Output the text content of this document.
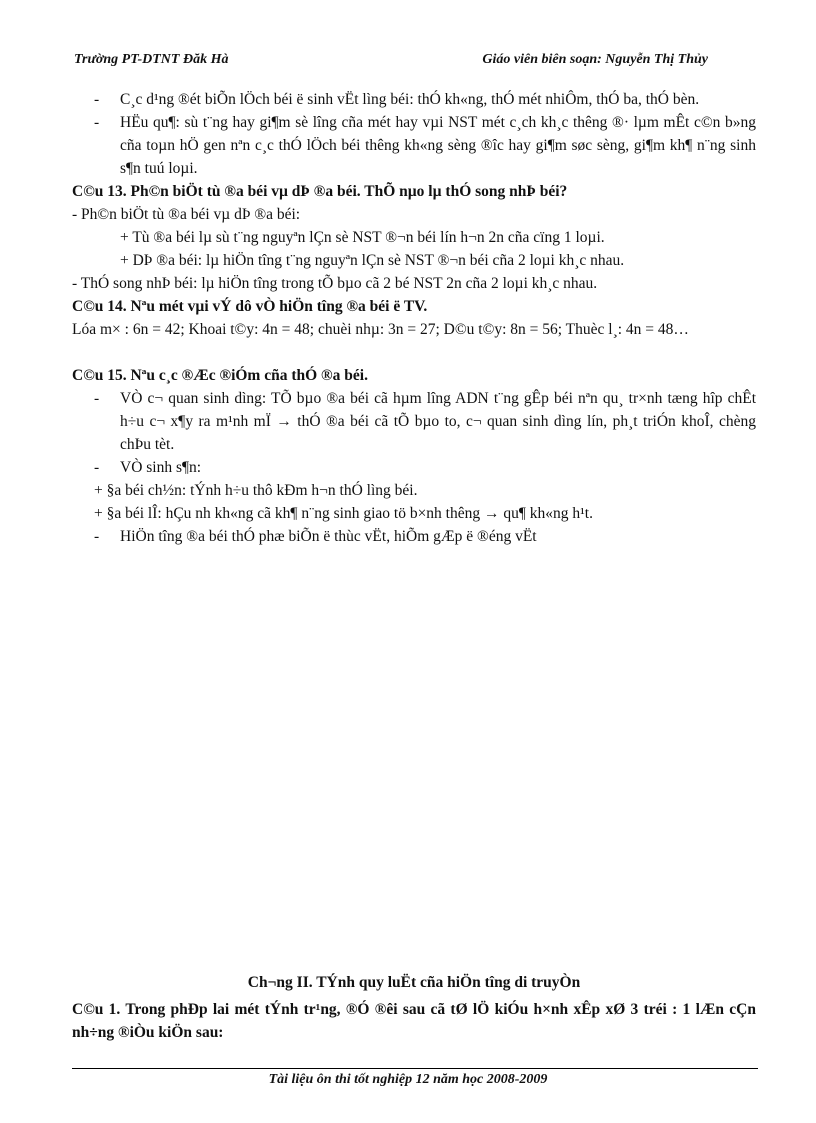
Trường PT-DTNT Đăk Hà	Giáo viên biên soạn: Nguyễn Thị Thủy
- C¸c d¹ng ®ét biÕn lÖch béi ë sinh vËt lìng béi: thÓ kh«ng, thÓ mét nhiÔm, thÓ ba, thÓ bèn.
- HËu qu¶: sù t¨ng hay gi¶m sè lîng cña mét hay vµi NST mét c¸ch kh¸c thêng ®· lµm mÊt c©n b»ng cña toµn hÖ gen nªn c¸c thÓ lÖch béi thêng kh«ng sèng ®îc hay gi¶m søc sèng, gi¶m kh¶ n¨ng sinh s¶n tuú loµi.
C©u 13. Ph©n biÖt tù ®a béi vµ dÞ ®a béi. ThÕ nµo lµ thÓ song nhÞ béi?
- Ph©n biÖt tù ®a béi vµ dÞ ®a béi:
+ Tù ®a béi lµ sù t¨ng nguyªn lÇn sè NST ®¬n béi lín h¬n 2n cña cïng 1 loµi.
+ DÞ ®a béi: lµ hiÖn tîng t¨ng nguyªn lÇn sè NST ®¬n béi cña 2 loµi kh¸c nhau.
- ThÓ song nhÞ béi: lµ hiÖn tîng trong tÕ bµo cã 2 bé NST 2n cña 2 loµi kh¸c nhau.
C©u 14. Nªu mét vµi vÝ dô vÒ hiÖn tîng ®a béi ë TV.
Lóa m× : 6n = 42; Khoai t©y: 4n = 48; chuèi nhµ: 3n = 27; D©u t©y: 8n = 56; Thuèc l¸: 4n = 48…
C©u 15. Nªu c¸c ®Æc ®iÓm cña thÓ ®a béi.
- VÒ c¬ quan sinh dìng: TÕ bµo ®a béi cã hµm lîng ADN t¨ng gÊp béi nªn qu¸ tr×nh tæng hîp chÊt h÷u c¬ x¶y ra m¹nh mÏ → thÓ ®a béi cã tÕ bµo to, c¬ quan sinh dìng lín, ph¸t triÓn khoÎ, chèng chÞu tèt.
- VÒ sinh s¶n:
+ §a béi ch½n: tÝnh h÷u thô kÐm h¬n thÓ lìng béi.
+ §a béi lÎ: hÇu nh kh«ng cã kh¶ n¨ng sinh giao tö b×nh thêng → qu¶ kh«ng h¹t.
- HiÖn tîng ®a béi thÓ phæ biÕn ë thùc vËt, hiÕm gÆp ë ®éng vËt
Ch¬ng II. TÝnh quy luËt cña hiÖn tîng di truyÒn
C©u 1. Trong phÐp lai mét tÝnh tr¹ng, ®Ó ®êi sau cã tØ lÖ kiÓu h×nh xÊp xØ 3 tréi : 1 lÆn cÇn nh÷ng ®iÒu kiÖn sau:
Tài liệu ôn thi tốt nghiệp 12 năm học 2008-2009
